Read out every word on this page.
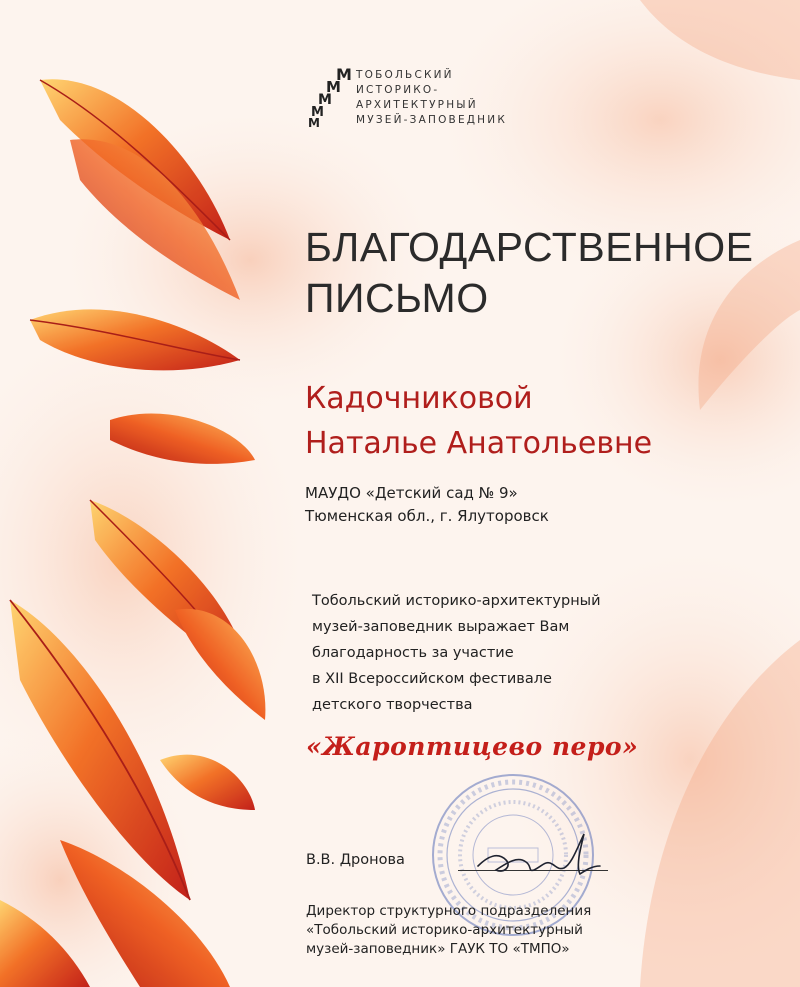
M
M
M
M
M
ТОБОЛЬСКИЙ
ИСТОРИКО-
АРХИТЕКТУРНЫЙ
МУЗЕЙ-ЗАПОВЕДНИК
БЛАГОДАРСТВЕННОЕ
ПИСЬМО
Кадочниковой
Наталье Анатольевне
МАУДО «Детский сад № 9»
Тюменская обл., г. Ялуторовск
Тобольский историко-архитектурный
музей-заповедник выражает Вам
благодарность за участие
в XII Всероссийском фестивале
детского творчества
«Жароптицево перо»
В.В. Дронова
Директор структурного подразделения
«Тобольский историко-архитектурный
музей-заповедник» ГАУК ТО «ТМПО»
